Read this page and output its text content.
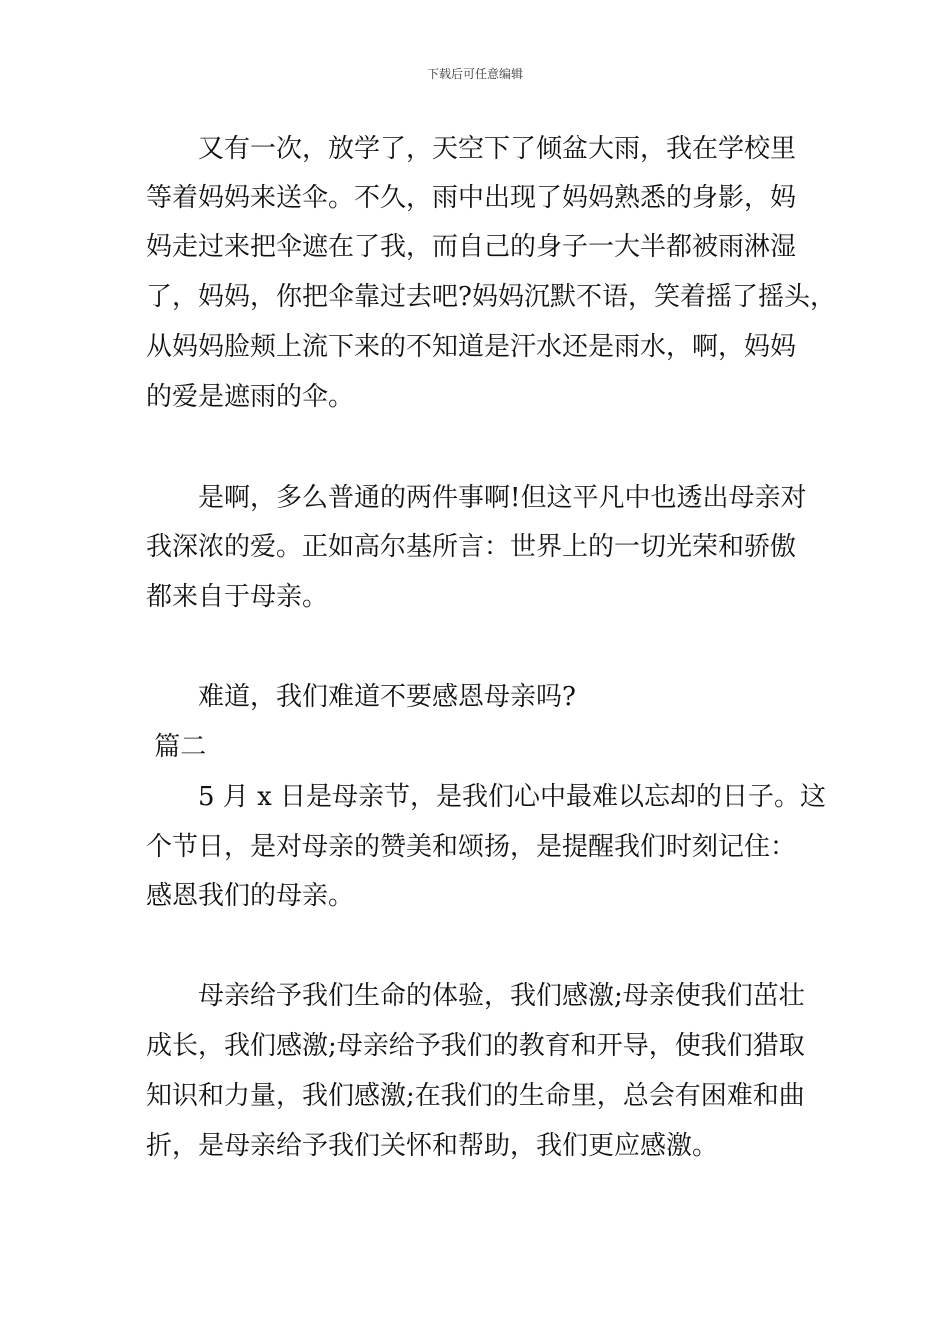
下载后可任意编辑
　　又有一次，放学了，天空下了倾盆大雨，我在学校里
等着妈妈来送伞。不久，雨中出现了妈妈熟悉的身影，妈
妈走过来把伞遮在了我，而自己的身子一大半都被雨淋湿
了，妈妈，你把伞靠过去吧?妈妈沉默不语，笑着摇了摇头，
从妈妈脸颊上流下来的不知道是汗水还是雨水，啊，妈妈
的爱是遮雨的伞。
　　是啊，多么普通的两件事啊!但这平凡中也透出母亲对
我深浓的爱。正如高尔基所言：世界上的一切光荣和骄傲
都来自于母亲。
　　难道，我们难道不要感恩母亲吗?
篇二
　　5 月 x 日是母亲节，是我们心中最难以忘却的日子。这
个节日，是对母亲的赞美和颂扬，是提醒我们时刻记住：
感恩我们的母亲。
　　母亲给予我们生命的体验，我们感激;母亲使我们茁壮
成长，我们感激;母亲给予我们的教育和开导，使我们猎取
知识和力量，我们感激;在我们的生命里，总会有困难和曲
折，是母亲给予我们关怀和帮助，我们更应感激。
